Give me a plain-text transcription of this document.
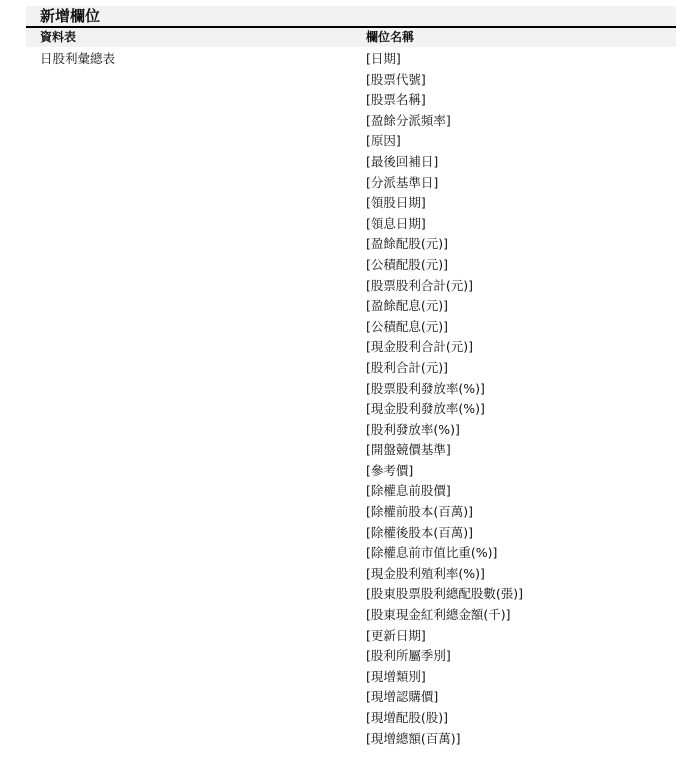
新增欄位
資料表	欄位名稱
日股利彙總表	[日期]
[股票代號]
[股票名稱]
[盈餘分派頻率]
[原因]
[最後回補日]
[分派基準日]
[領股日期]
[領息日期]
[盈餘配股(元)]
[公積配股(元)]
[股票股利合計(元)]
[盈餘配息(元)]
[公積配息(元)]
[現金股利合計(元)]
[股利合計(元)]
[股票股利發放率(%)]
[現金股利發放率(%)]
[股利發放率(%)]
[開盤競價基準]
[參考價]
[除權息前股價]
[除權前股本(百萬)]
[除權後股本(百萬)]
[除權息前市值比重(%)]
[現金股利殖利率(%)]
[股東股票股利總配股數(張)]
[股東現金紅利總金額(千)]
[更新日期]
[股利所屬季別]
[現增類別]
[現增認購價]
[現增配股(股)]
[現增總額(百萬)]
